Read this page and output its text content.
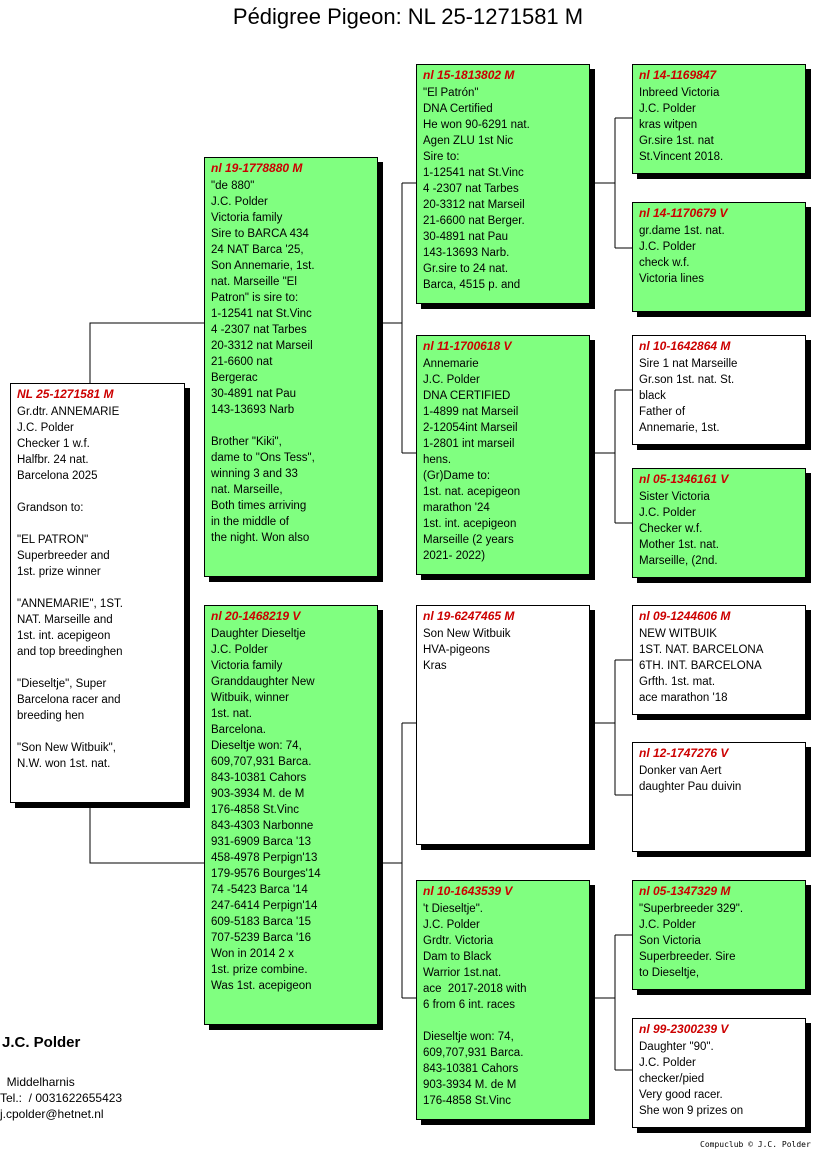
Pédigree Pigeon: NL 25-1271581 M
NL 25-1271581 M
Gr.dtr. ANNEMARIE
J.C. Polder
Checker 1 w.f.
Halfbr. 24 nat.
Barcelona 2025
Grandson to:
"EL PATRON"
Superbreeder and
1st. prize winner
"ANNEMARIE", 1ST.
NAT. Marseille and
1st. int. acepigeon
and top breedinghen
"Dieseltje", Super
Barcelona racer and
breeding hen
"Son New Witbuik",
N.W. won 1st. nat.
nl 19-1778880 M
"de 880"
J.C. Polder
Victoria family
Sire to BARCA 434
24 NAT Barca '25,
Son Annemarie, 1st.
nat. Marseille "El
Patron" is sire to:
1-12541 nat St.Vinc
4 -2307 nat Tarbes
20-3312 nat Marseil
21-6600 nat
Bergerac
30-4891 nat Pau
143-13693 Narb
Brother "Kiki",
dame to "Ons Tess",
winning 3 and 33
nat. Marseille,
Both times arriving
in the middle of
the night. Won also
nl 20-1468219 V
Daughter Dieseltje
J.C. Polder
Victoria family
Granddaughter New
Witbuik, winner
1st. nat.
Barcelona.
Dieseltje won: 74,
609,707,931 Barca.
843-10381 Cahors
903-3934 M. de M
176-4858 St.Vinc
843-4303 Narbonne
931-6909 Barca '13
458-4978 Perpign'13
179-9576 Bourges'14
74 -5423 Barca '14
247-6414 Perpign'14
609-5183 Barca '15
707-5239 Barca '16
Won in 2014 2 x
1st. prize combine.
Was 1st. acepigeon
nl 15-1813802 M
"El Patrón"
DNA Certified
He won 90-6291 nat.
Agen ZLU 1st Nic
Sire to:
1-12541 nat St.Vinc
4 -2307 nat Tarbes
20-3312 nat Marseil
21-6600 nat Berger.
30-4891 nat Pau
143-13693 Narb.
Gr.sire to 24 nat.
Barca, 4515 p. and
nl 11-1700618 V
Annemarie
J.C. Polder
DNA CERTIFIED
1-4899 nat Marseil
2-12054int Marseil
1-2801 int marseil
hens.
(Gr)Dame to:
1st. nat. acepigeon
marathon '24
1st. int. acepigeon
Marseille (2 years
2021- 2022)
nl 19-6247465 M
Son New Witbuik
HVA-pigeons
Kras
nl 10-1643539 V
't Dieseltje".
J.C. Polder
Grdtr. Victoria
Dam to Black
Warrior 1st.nat.
ace  2017-2018 with
6 from 6 int. races
Dieseltje won: 74,
609,707,931 Barca.
843-10381 Cahors
903-3934 M. de M
176-4858 St.Vinc
nl 14-1169847
Inbreed Victoria
J.C. Polder
kras witpen
Gr.sire 1st. nat
St.Vincent 2018.
nl 14-1170679 V
gr.dame 1st. nat.
J.C. Polder
check w.f.
Victoria lines
nl 10-1642864 M
Sire 1 nat Marseille
Gr.son 1st. nat. St.
black
Father of
Annemarie, 1st.
nl 05-1346161 V
Sister Victoria
J.C. Polder
Checker w.f.
Mother 1st. nat.
Marseille, (2nd.
nl 09-1244606 M
NEW WITBUIK
1ST. NAT. BARCELONA
6TH. INT. BARCELONA
Grfth. 1st. mat.
ace marathon '18
nl 12-1747276 V
Donker van Aert
daughter Pau duivin
nl 05-1347329 M
"Superbreeder 329".
J.C. Polder
Son Victoria
Superbreeder. Sire
to Dieseltje,
nl 99-2300239 V
Daughter "90".
J.C. Polder
checker/pied
Very good racer.
She won 9 prizes on
J.C. Polder
Middelharnis
Tel.:  / 0031622655423
j.cpolder@hetnet.nl
Compuclub © J.C. Polder
